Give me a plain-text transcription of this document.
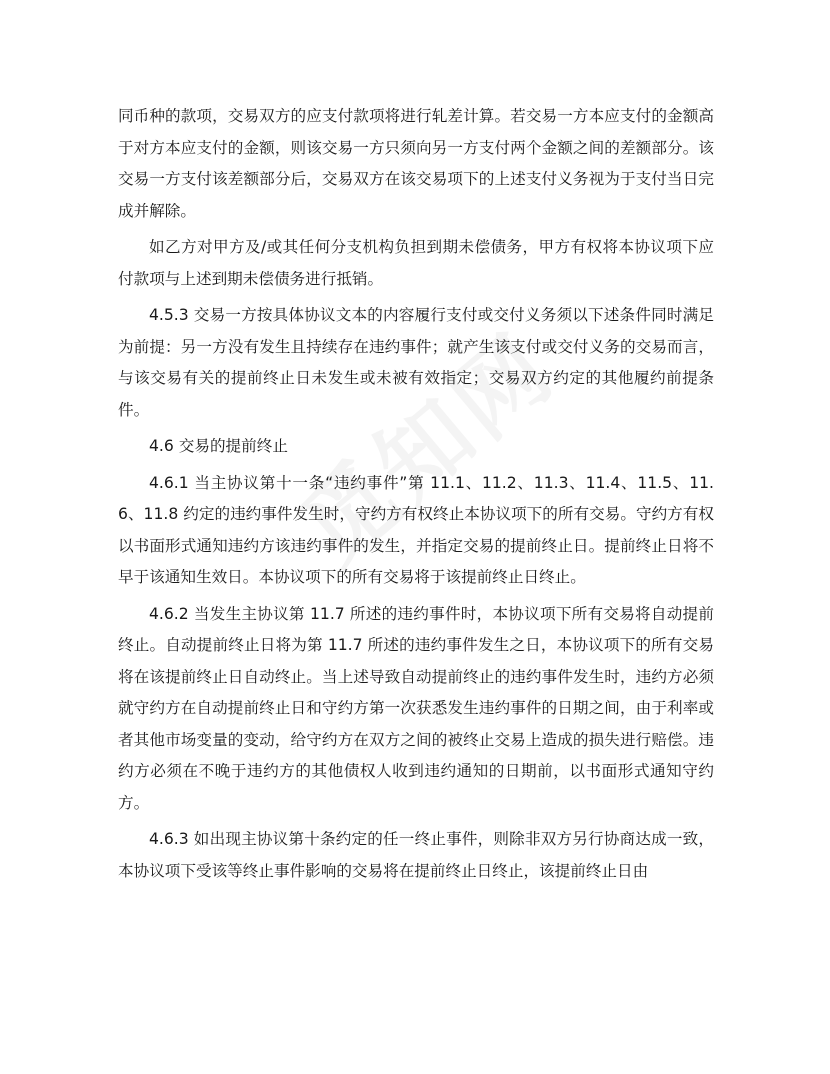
同币种的款项，交易双方的应支付款项将进行轧差计算。若交易一方本应支付的金额高于对方本应支付的金额，则该交易一方只须向另一方支付两个金额之间的差额部分。该交易一方支付该差额部分后，交易双方在该交易项下的上述支付义务视为于支付当日完成并解除。

如乙方对甲方及/或其任何分支机构负担到期未偿债务，甲方有权将本协议项下应付款项与上述到期未偿债务进行抵销。

4.5.3 交易一方按具体协议文本的内容履行支付或交付义务须以下述条件同时满足为前提：另一方没有发生且持续存在违约事件；就产生该支付或交付义务的交易而言，与该交易有关的提前终止日未发生或未被有效指定；交易双方约定的其他履约前提条件。

4.6 交易的提前终止

4.6.1 当主协议第十一条“违约事件”第 11.1、11.2、11.3、11.4、11.5、11.6、11.8 约定的违约事件发生时，守约方有权终止本协议项下的所有交易。守约方有权以书面形式通知违约方该违约事件的发生，并指定交易的提前终止日。提前终止日将不早于该通知生效日。本协议项下的所有交易将于该提前终止日终止。

4.6.2 当发生主协议第 11.7 所述的违约事件时，本协议项下所有交易将自动提前终止。自动提前终止日将为第 11.7 所述的违约事件发生之日，本协议项下的所有交易将在该提前终止日自动终止。当上述导致自动提前终止的违约事件发生时，违约方必须就守约方在自动提前终止日和守约方第一次获悉发生违约事件的日期之间，由于利率或者其他市场变量的变动，给守约方在双方之间的被终止交易上造成的损失进行赔偿。违约方必须在不晚于违约方的其他债权人收到违约通知的日期前，以书面形式通知守约方。

4.6.3 如出现主协议第十条约定的任一终止事件，则除非双方另行协商达成一致，本协议项下受该等终止事件影响的交易将在提前终止日终止，该提前终止日由
